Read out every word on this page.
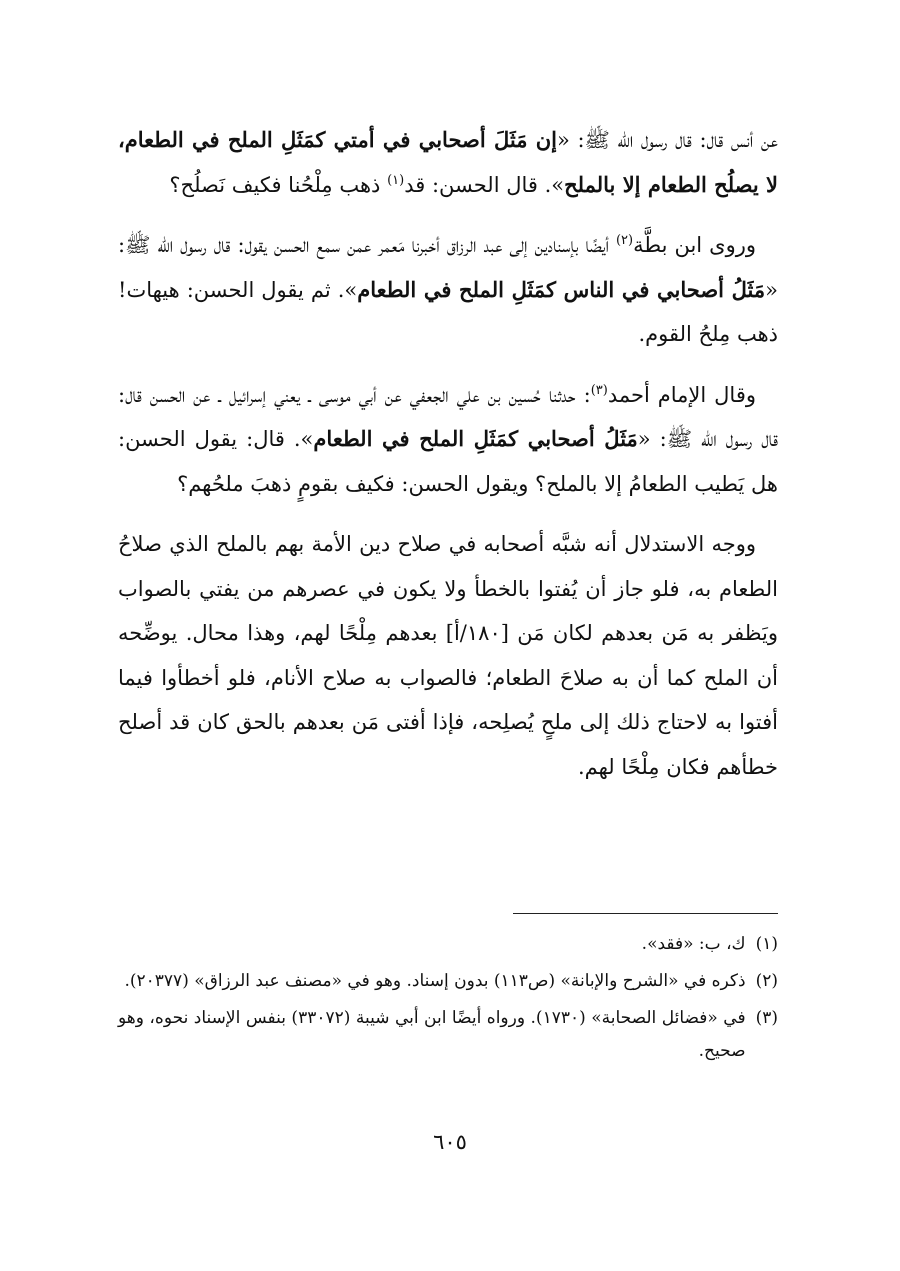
عن أنس قال: قال رسول الله ﷺ: «إن مَثَلَ أصحابي في أمتي كمَثَلِ الملح في الطعام، لا يصلُح الطعام إلا بالملح». قال الحسن: قد$^{(١)}$ ذهب مِلْحُنا فكيف نَصلُح؟

وروى ابن بطَّة$^{(٢)}$ أيضًا بإسنادين إلى عبد الرزاق أخبرنا مَعمر عمن سمع الحسن يقول: قال رسول الله ﷺ: «مَثَلُ أصحابي في الناس كمَثَلِ الملح في الطعام». ثم يقول الحسن: هيهات! ذهب مِلحُ القوم.

وقال الإمام أحمد$^{(٣)}$: حدثنا حُسين بن علي الجعفي عن أبي موسى ـ يعني إسرائيل ـ عن الحسن قال: قال رسول الله ﷺ: «مَثَلُ أصحابي كمَثَلِ الملح في الطعام». قال: يقول الحسن: هل يَطيب الطعامُ إلا بالملح؟ ويقول الحسن: فكيف بقومٍ ذهبَ ملحُهم؟

ووجه الاستدلال أنه شبَّه أصحابه في صلاح دين الأمة بهم بالملح الذي صلاحُ الطعام به، فلو جاز أن يُفتوا بالخطأ ولا يكون في عصرهم من يفتي بالصواب ويَظفر به مَن بعدهم لكان مَن [١٨٠/أ] بعدهم مِلْحًا لهم، وهذا محال. يوضِّحه أن الملح كما أن به صلاحَ الطعام؛ فالصواب به صلاح الأنام، فلو أخطأوا فيما أفتوا به لاحتاج ذلك إلى ملحٍ يُصلِحه، فإذا أفتى مَن بعدهم بالحق كان قد أصلح خطأهم فكان مِلْحًا لهم.

(١)
ك، ب: «فقد».
(٢)
ذكره في «الشرح والإبانة» (ص١١٣) بدون إسناد. وهو في «مصنف عبد الرزاق» (٢٠٣٧٧).
(٣)
في «فضائل الصحابة» (١٧٣٠). ورواه أيضًا ابن أبي شيبة (٣٣٠٧٢) بنفس الإسناد نحوه، وهو صحيح.
٦٠٥
